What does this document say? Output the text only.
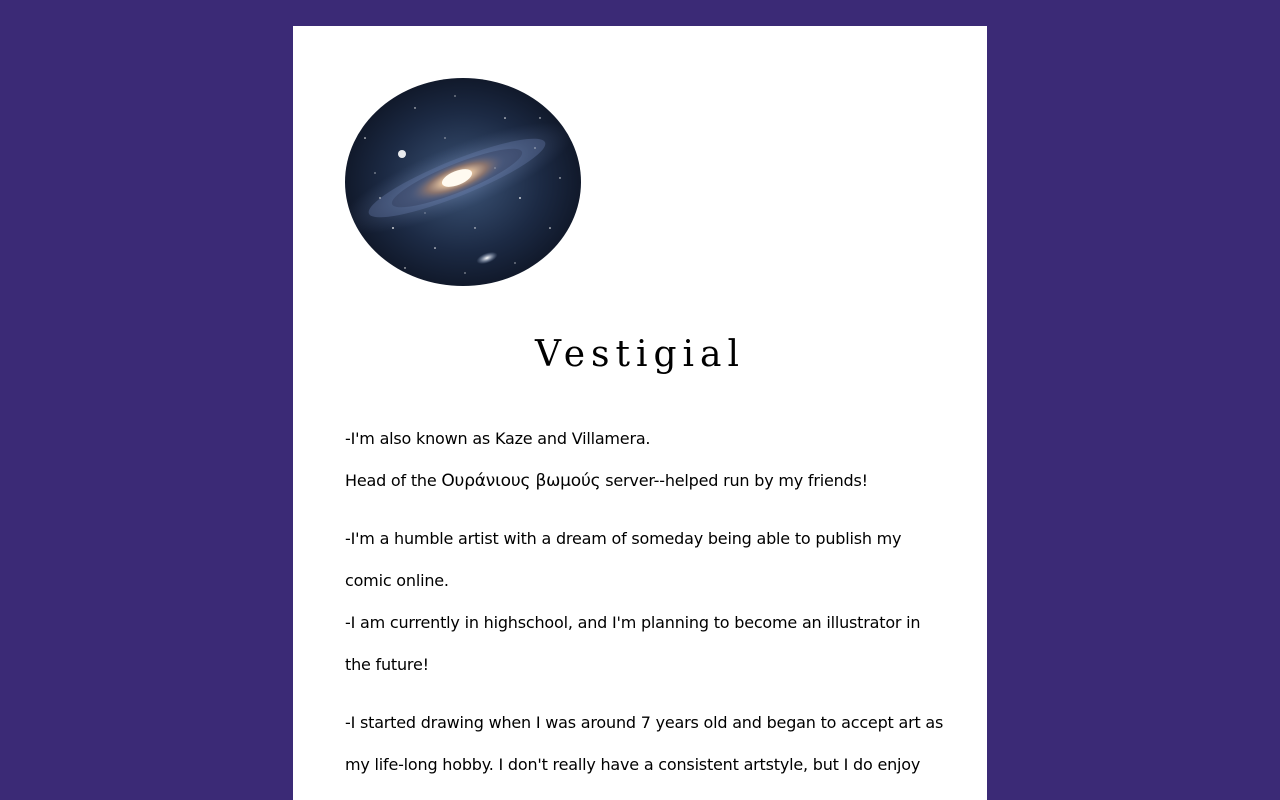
Vestigial

-I'm also known as Kaze and Villamera.

Head of the Ουράνιους βωμούς server--helped run by my friends!

-I'm a humble artist with a dream of someday being able to publish my comic online.

-I am currently in highschool, and I'm planning to become an illustrator in the future!

-I started drawing when I was around 7 years old and began to accept art as my life-long hobby. I don't really have a consistent artstyle, but I do enjoy
